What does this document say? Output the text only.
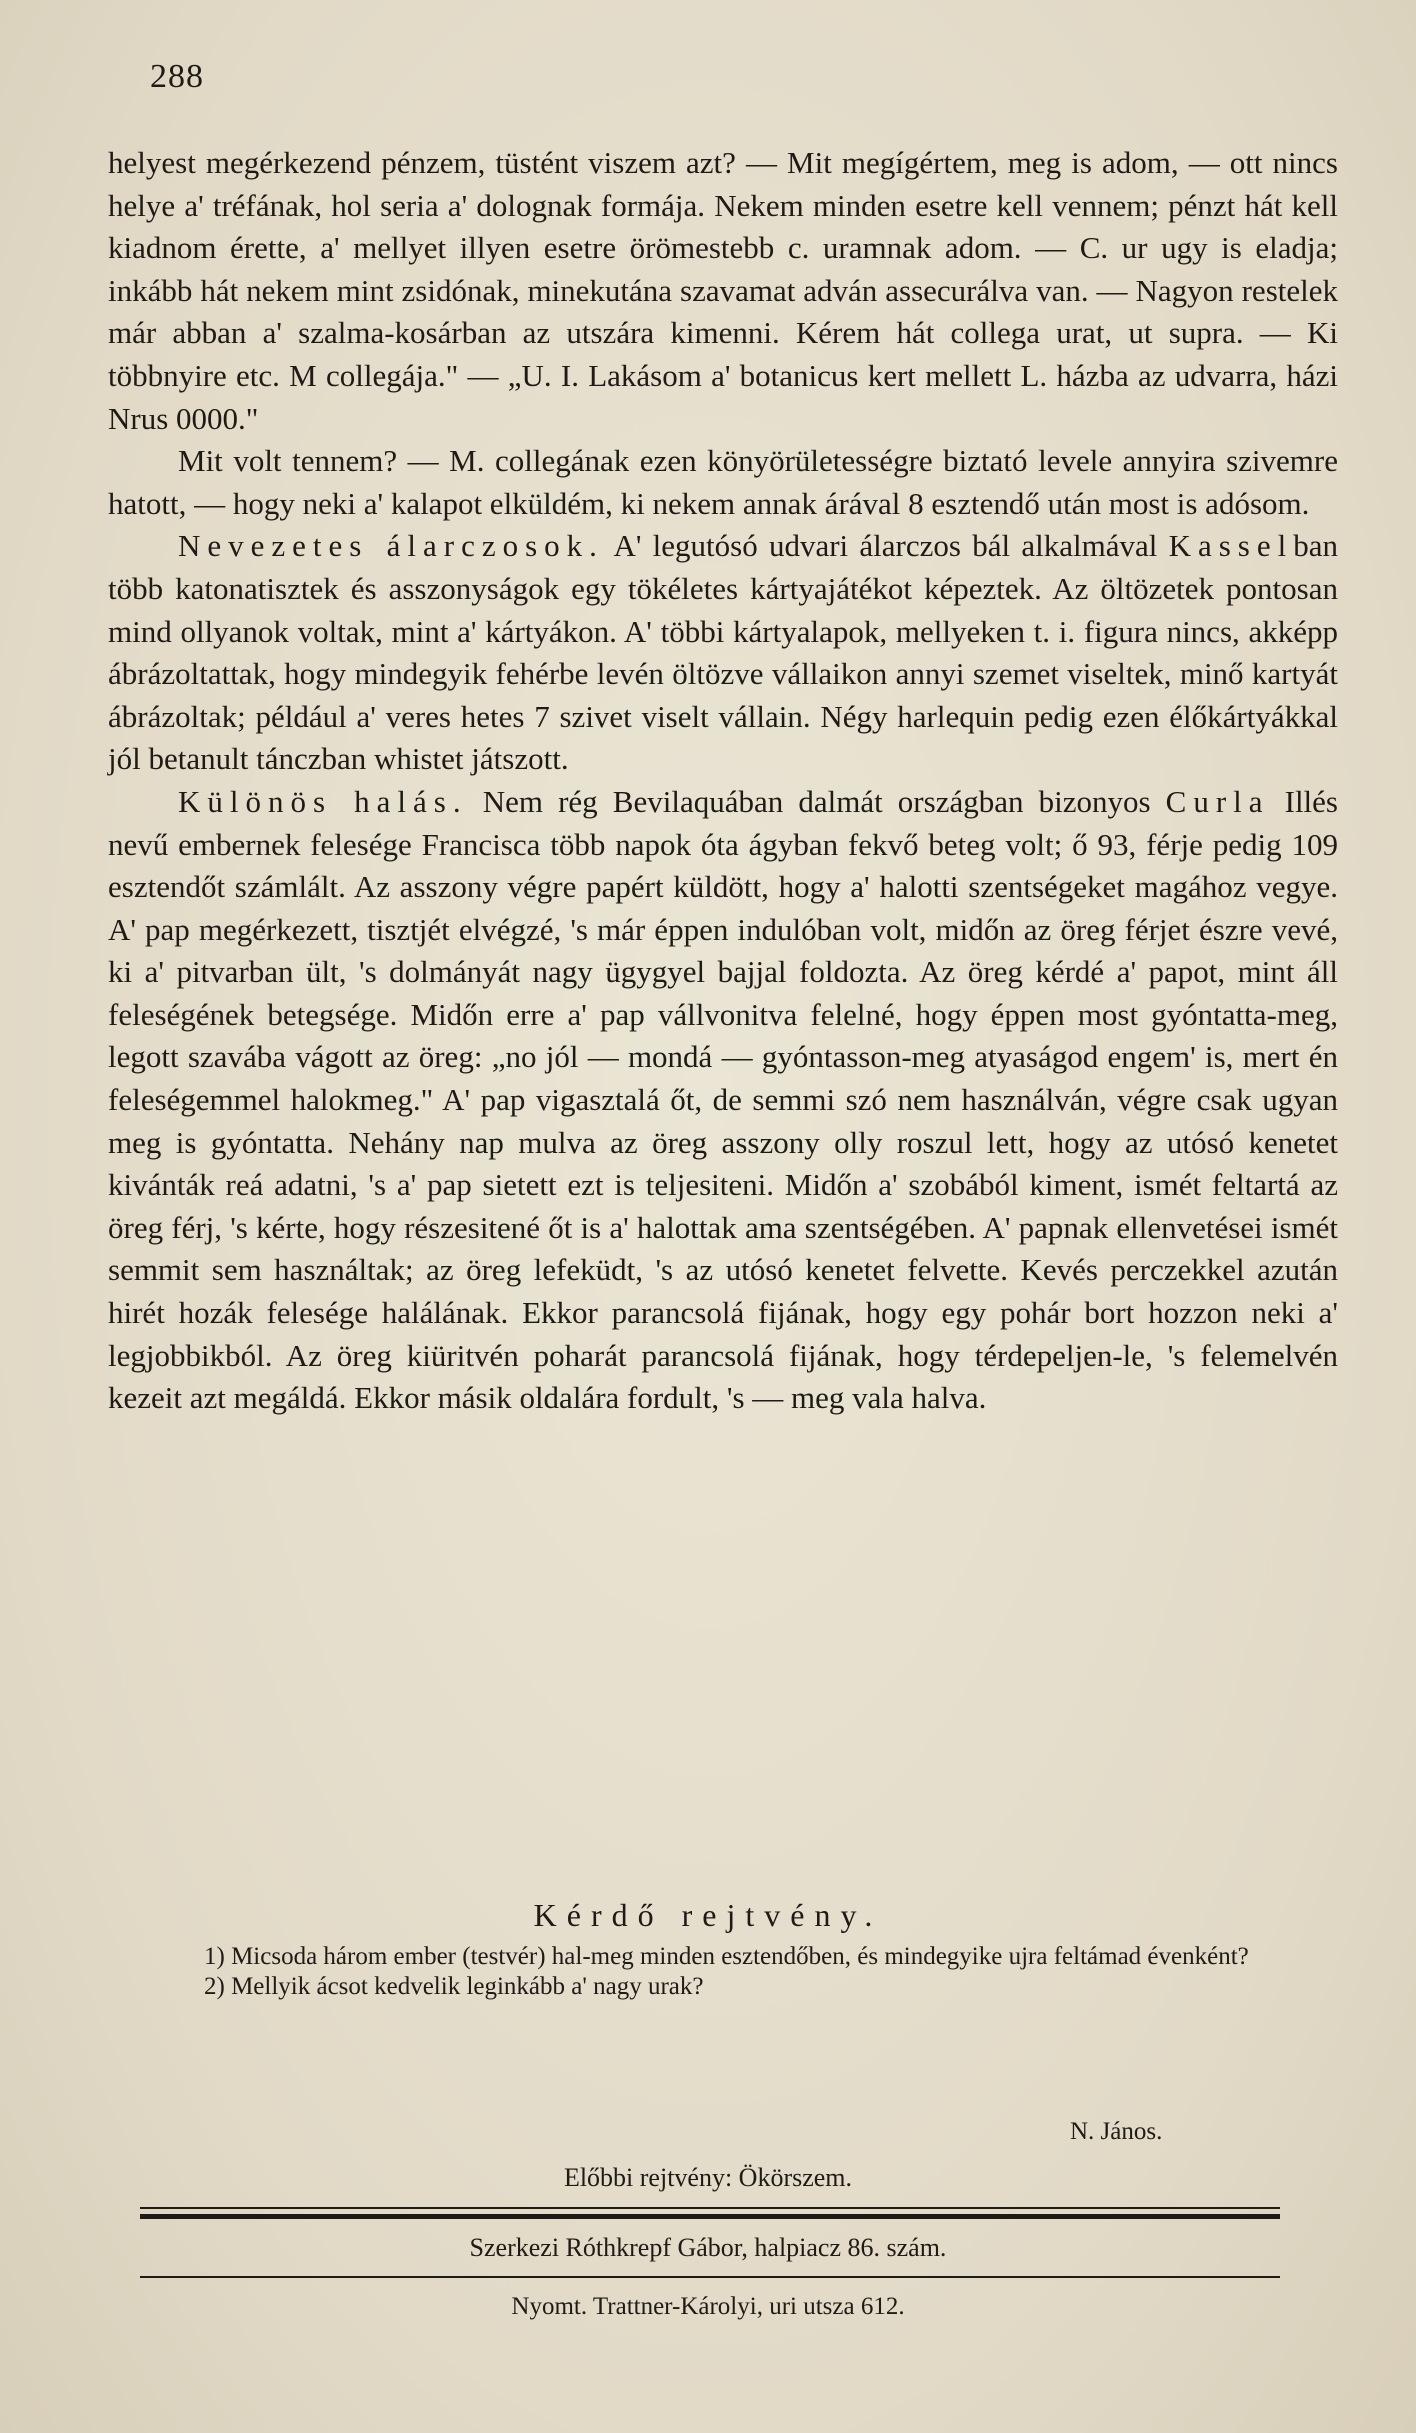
288

helyest megérkezend pénzem, tüstént viszem azt? — Mit megígértem, meg is adom, — ott nincs helye a' tréfának, hol seria a' dolognak formája. Nekem minden esetre kell vennem; pénzt hát kell kiadnom érette, a' mellyet illyen esetre örömestebb c. uramnak adom. — C. ur ugy is eladja; inkább hát nekem mint zsidónak, minekutána szavamat adván assecurálva van. — Nagyon restelek már abban a' szalma-kosárban az utszára kimenni. Kérem hát collega urat, ut supra. — Ki többnyire etc. M collegája." — „U. I. Lakásom a' botanicus kert mellett L. házba az udvarra, házi Nrus 0000."

Mit volt tennem? — M. collegának ezen könyörületességre biztató levele annyira szivemre hatott, — hogy neki a' kalapot elküldém, ki nekem annak árával 8 esztendő után most is adósom.

Nevezetes álarczosok. A' legutósó udvari álarczos bál alkalmával Kasselban több katonatisztek és asszonyságok egy tökéletes kártyajátékot képeztek. Az öltözetek pontosan mind ollyanok voltak, mint a' kártyákon. A' többi kártyalapok, mellyeken t. i. figura nincs, akképp ábrázoltattak, hogy mindegyik fehérbe levén öltözve vállaikon annyi szemet viseltek, minő kartyát ábrázoltak; például a' veres hetes 7 szivet viselt vállain. Négy harlequin pedig ezen élőkártyákkal jól betanult tánczban whistet játszott.

Különös halás. Nem rég Bevilaquában dalmát országban bizonyos Curla Illés nevű embernek felesége Francisca több napok óta ágyban fekvő beteg volt; ő 93, férje pedig 109 esztendőt számlált. Az asszony végre papért küldött, hogy a' halotti szentségeket magához vegye. A' pap megérkezett, tisztjét elvégzé, 's már éppen indulóban volt, midőn az öreg férjet észre vevé, ki a' pitvarban ült, 's dolmányát nagy ügygyel bajjal foldozta. Az öreg kérdé a' papot, mint áll feleségének betegsége. Midőn erre a' pap vállvonitva felelné, hogy éppen most gyóntatta-meg, legott szavába vágott az öreg: „no jól — mondá — gyóntasson-meg atyaságod engem' is, mert én feleségemmel halokmeg." A' pap vigasztalá őt, de semmi szó nem használván, végre csak ugyan meg is gyóntatta. Nehány nap mulva az öreg asszony olly roszul lett, hogy az utósó kenetet kivánták reá adatni, 's a' pap sietett ezt is teljesiteni. Midőn a' szobából kiment, ismét feltartá az öreg férj, 's kérte, hogy részesitené őt is a' halottak ama szentségében. A' papnak ellenvetései ismét semmit sem használtak; az öreg lefeküdt, 's az utósó kenetet felvette. Kevés perczekkel azután hirét hozák felesége halálának. Ekkor parancsolá fijának, hogy egy pohár bort hozzon neki a' legjobbikból. Az öreg kiüritvén poharát parancsolá fijának, hogy térdepeljen-le, 's felemelvén kezeit azt megáldá. Ekkor másik oldalára fordult, 's — meg vala halva.

Kérdő rejtvény.

1) Micsoda három ember (testvér) hal-meg minden esztendőben, és mindegyike ujra feltámad évenként?

2) Mellyik ácsot kedvelik leginkább a' nagy urak?

N. János.
Előbbi rejtvény: Ökörszem.
Szerkezi Róthkrepf Gábor, halpiacz 86. szám.
Nyomt. Trattner-Károlyi, uri utsza 612.
